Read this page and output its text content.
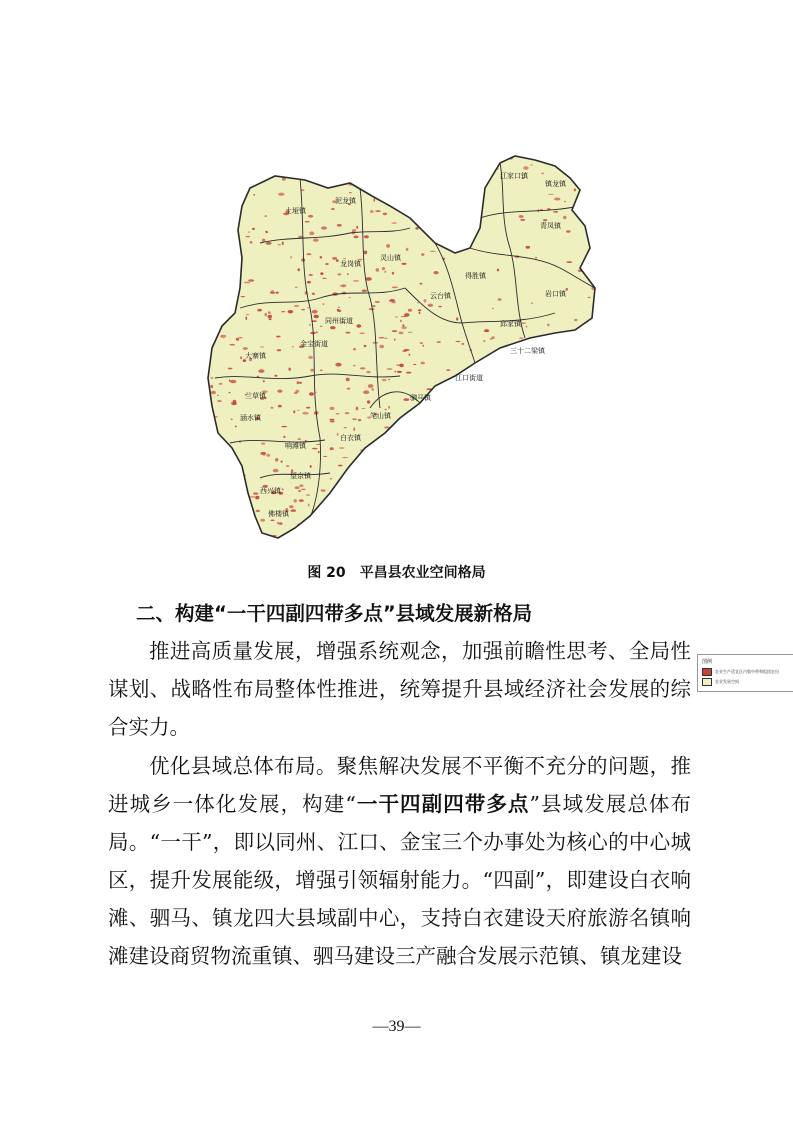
江家口镇
镇龙镇
青凤镇
泥龙镇
土垭镇
灵山镇
岩口镇
云台镇
得胜镇
龙岗镇
同州街道
金宝街道
大寨镇
兰草镇
邱家镇
三十二梁镇
江口街道
驷马镇
笔山镇
白衣镇
涵水镇
响滩镇
望京镇
西兴镇
佛楼镇
图例
农业生产适宜区内集中带和组团农田
农业发展空间
图 20 平昌县农业空间格局
二、构建“一干四副四带多点”县域发展新格局

推进高质量发展，增强系统观念，加强前瞻性思考、全局性谋划、战略性布局整体性推进，统筹提升县域经济社会发展的综合实力。

优化县域总体布局。聚焦解决发展不平衡不充分的问题，推进城乡一体化发展，构建“一干四副四带多点”县域发展总体布局。“一干”，即以同州、江口、金宝三个办事处为核心的中心城区，提升发展能级，增强引领辐射能力。“四副”，即建设白衣响滩、驷马、镇龙四大县域副中心，支持白衣建设天府旅游名镇响滩建设商贸物流重镇、驷马建设三产融合发展示范镇、镇龙建设

—39—
